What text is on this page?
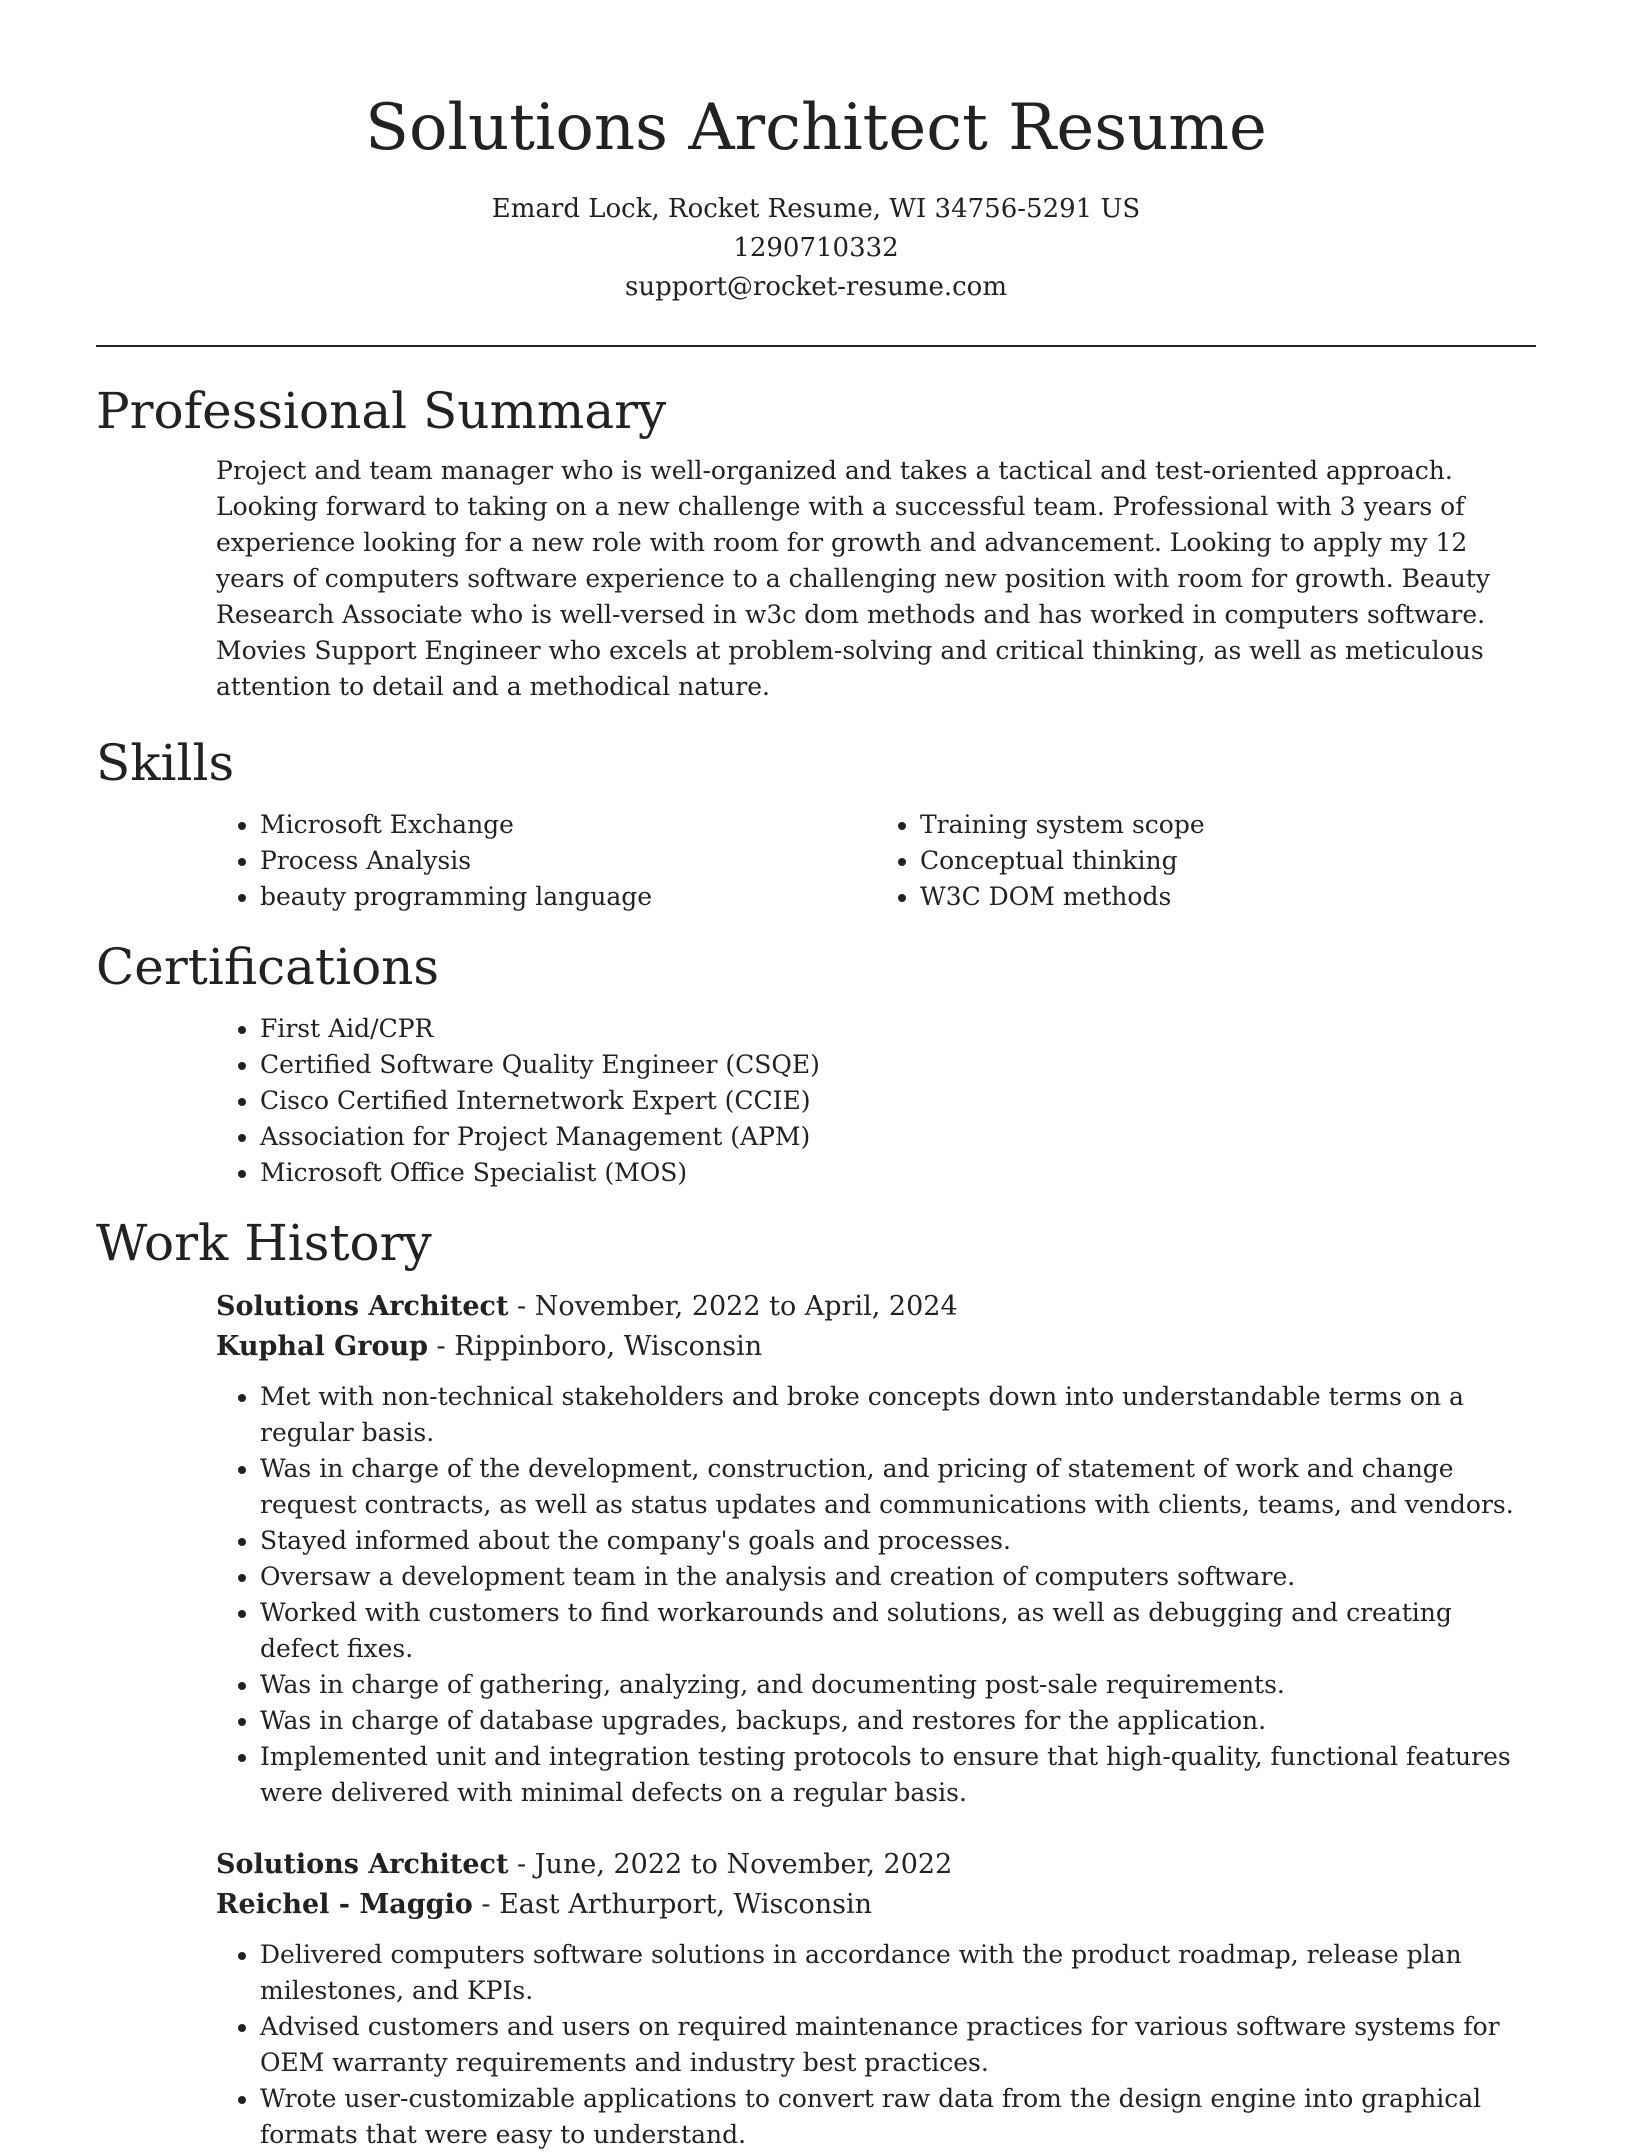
Solutions Architect Resume
Emard Lock, Rocket Resume, WI 34756-5291 US
1290710332
support@rocket-resume.com
Professional Summary
Project and team manager who is well-organized and takes a tactical and test-oriented approach. Looking forward to taking on a new challenge with a successful team. Professional with 3 years of experience looking for a new role with room for growth and advancement. Looking to apply my 12 years of computers software experience to a challenging new position with room for growth. Beauty Research Associate who is well-versed in w3c dom methods and has worked in computers software. Movies Support Engineer who excels at problem-solving and critical thinking, as well as meticulous attention to detail and a methodical nature.
Skills
• Microsoft Exchange
• Process Analysis
• beauty programming language
• Training system scope
• Conceptual thinking
• W3C DOM methods
Certifications
• First Aid/CPR
• Certified Software Quality Engineer (CSQE)
• Cisco Certified Internetwork Expert (CCIE)
• Association for Project Management (APM)
• Microsoft Office Specialist (MOS)
Work History
Solutions Architect - November, 2022 to April, 2024
Kuphal Group - Rippinboro, Wisconsin
• Met with non-technical stakeholders and broke concepts down into understandable terms on a regular basis.
• Was in charge of the development, construction, and pricing of statement of work and change request contracts, as well as status updates and communications with clients, teams, and vendors.
• Stayed informed about the company's goals and processes.
• Oversaw a development team in the analysis and creation of computers software.
• Worked with customers to find workarounds and solutions, as well as debugging and creating defect fixes.
• Was in charge of gathering, analyzing, and documenting post-sale requirements.
• Was in charge of database upgrades, backups, and restores for the application.
• Implemented unit and integration testing protocols to ensure that high-quality, functional features were delivered with minimal defects on a regular basis.
Solutions Architect - June, 2022 to November, 2022
Reichel - Maggio - East Arthurport, Wisconsin
• Delivered computers software solutions in accordance with the product roadmap, release plan milestones, and KPIs.
• Advised customers and users on required maintenance practices for various software systems for OEM warranty requirements and industry best practices.
• Wrote user-customizable applications to convert raw data from the design engine into graphical formats that were easy to understand.
